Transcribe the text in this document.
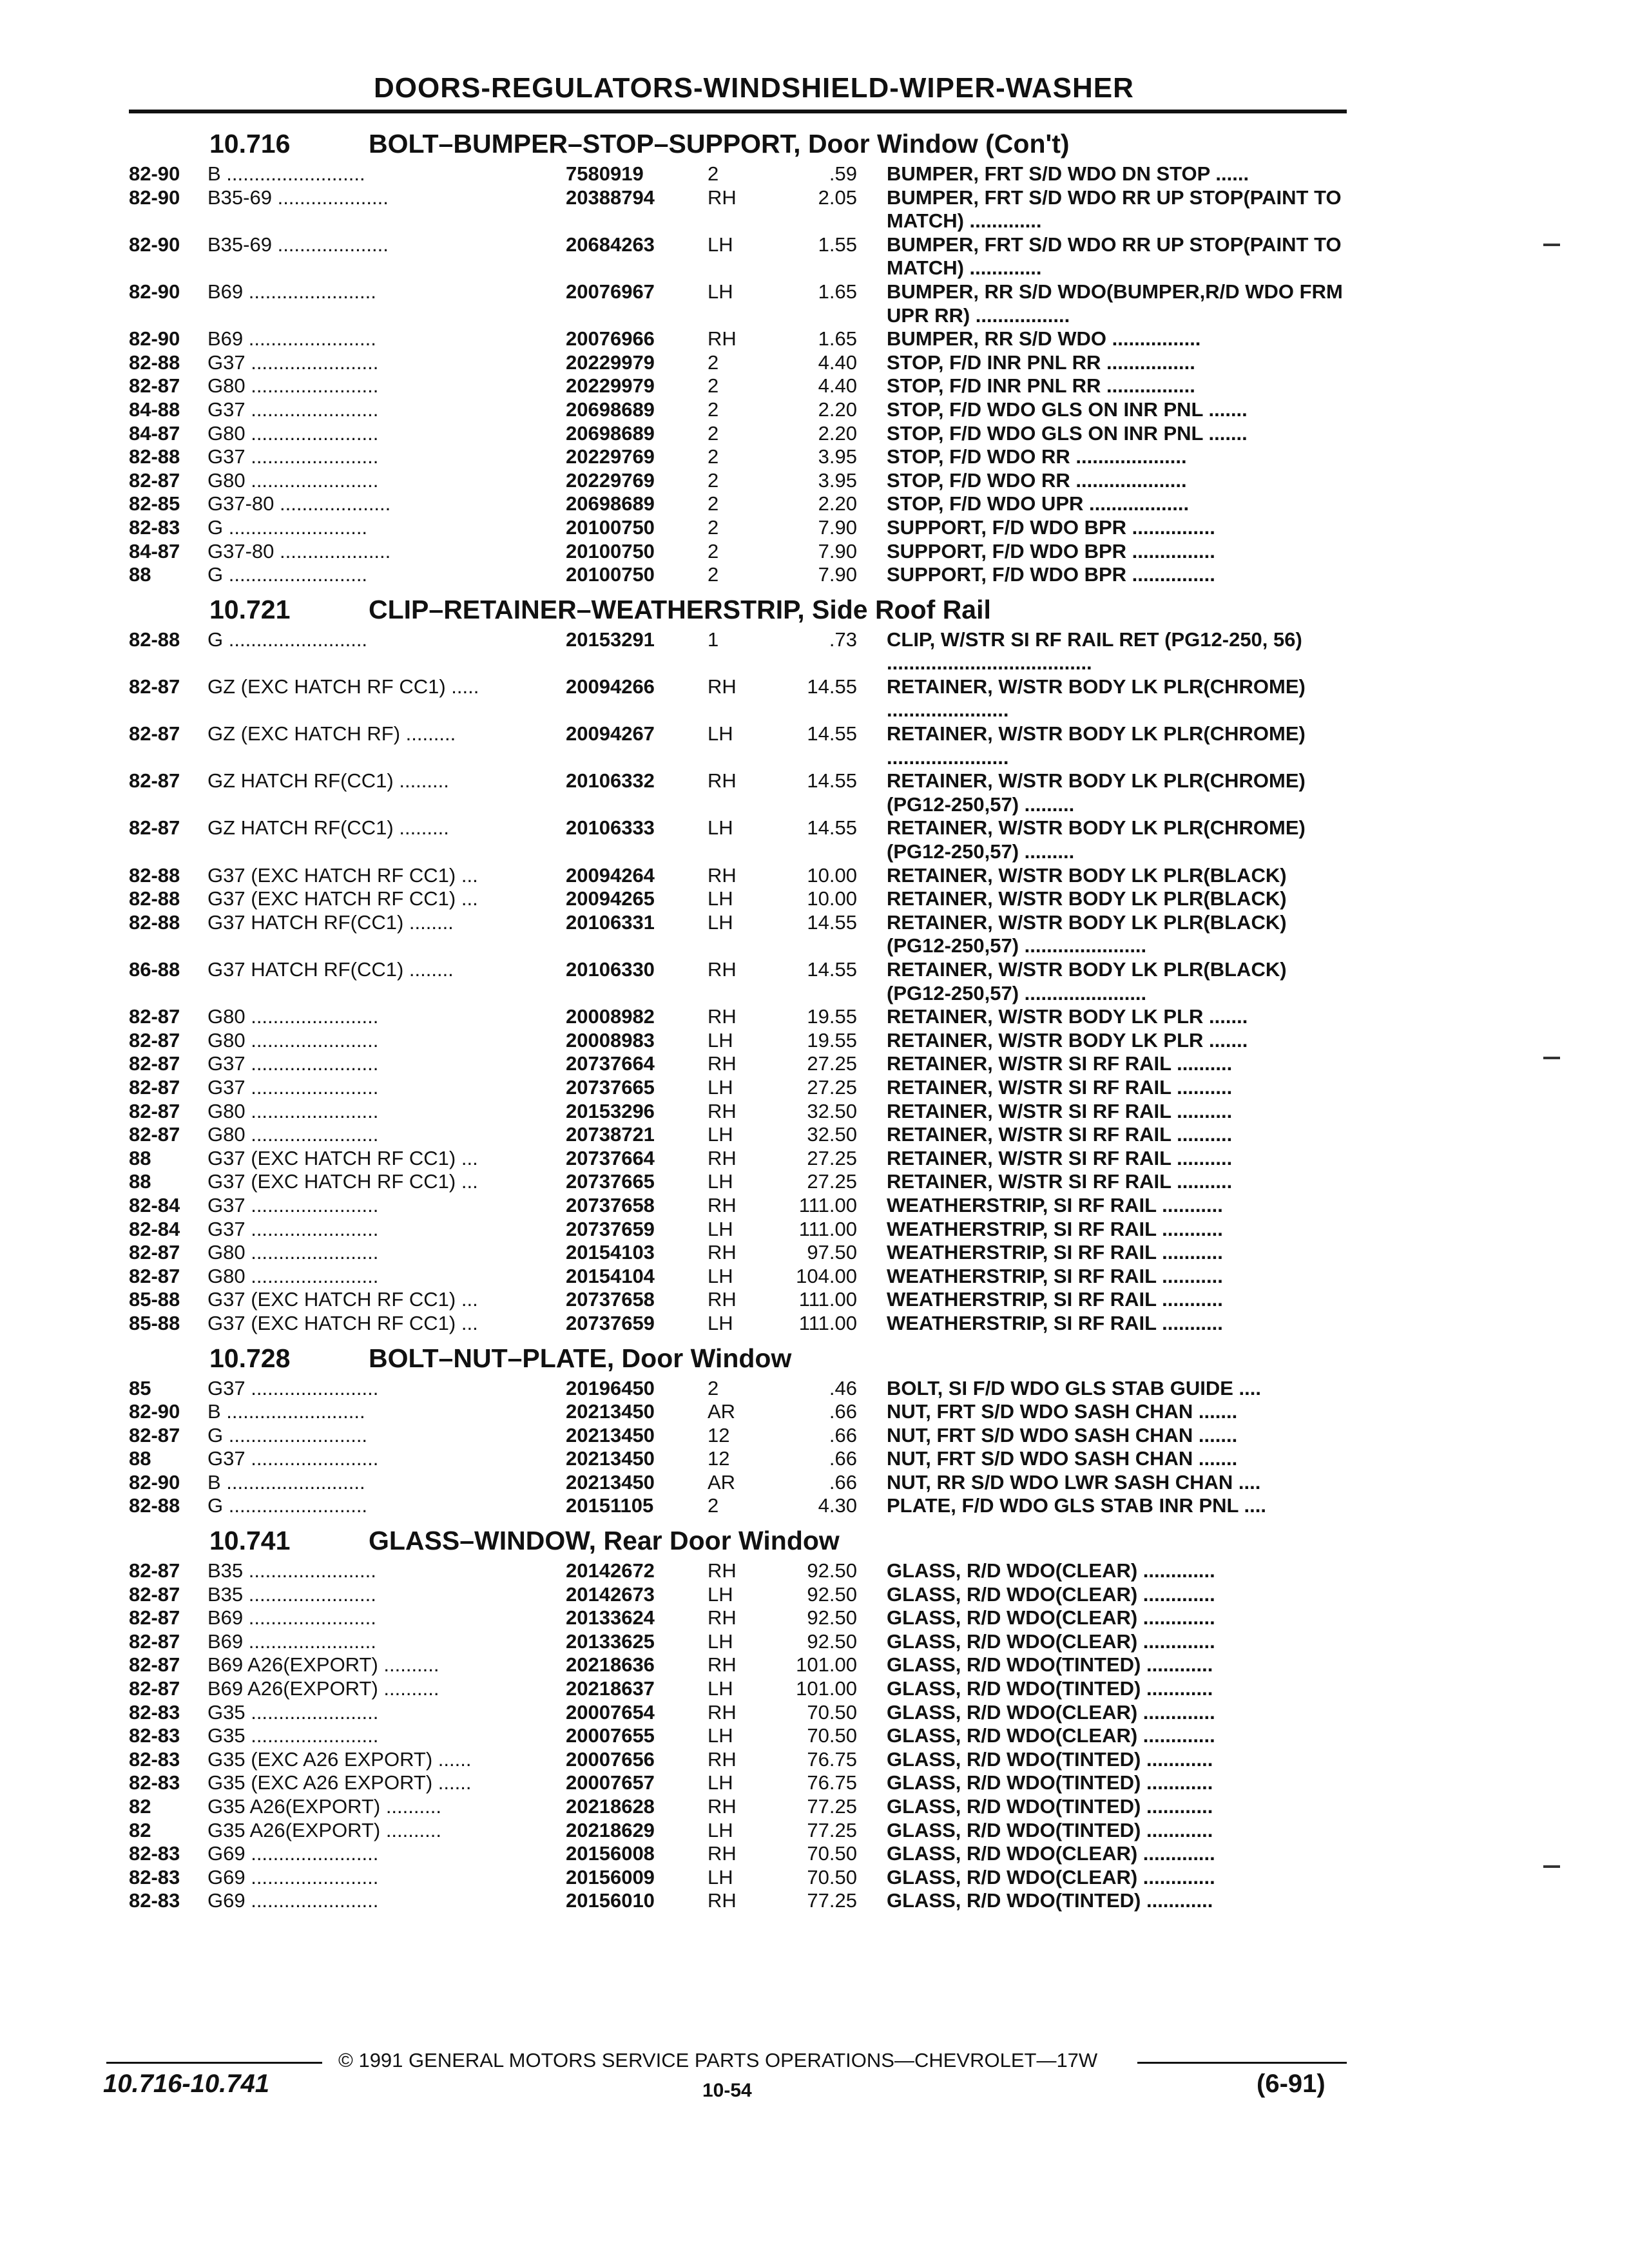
DOORS-REGULATORS-WINDSHIELD-WIPER-WASHER
10.716	BOLT–BUMPER–STOP–SUPPORT, Door Window (Con't)
82-90 B .........................	7580919	2	.59 BUMPER, FRT S/D WDO DN STOP ......
82-90 B35-69 ....................	20388794	RH	2.05 BUMPER, FRT S/D WDO RR UP STOP(PAINT TO MATCH) .............
82-90 B35-69 ....................	20684263	LH	1.55 BUMPER, FRT S/D WDO RR UP STOP(PAINT TO MATCH) .............
82-90 B69 .......................	20076967	LH	1.65 BUMPER, RR S/D WDO(BUMPER,R/D WDO FRM UPR RR) .................
82-90 B69 .......................	20076966	RH	1.65 BUMPER, RR S/D WDO ................
82-88 G37 .......................	20229979	2	4.40 STOP, F/D INR PNL RR ................
82-87 G80 .......................	20229979	2	4.40 STOP, F/D INR PNL RR ................
84-88 G37 .......................	20698689	2	2.20 STOP, F/D WDO GLS ON INR PNL .......
84-87 G80 .......................	20698689	2	2.20 STOP, F/D WDO GLS ON INR PNL .......
82-88 G37 .......................	20229769	2	3.95 STOP, F/D WDO RR ....................
82-87 G80 .......................	20229769	2	3.95 STOP, F/D WDO RR ....................
82-85 G37-80 ....................	20698689	2	2.20 STOP, F/D WDO UPR ..................
82-83 G .........................	20100750	2	7.90 SUPPORT, F/D WDO BPR ...............
84-87 G37-80 ....................	20100750	2	7.90 SUPPORT, F/D WDO BPR ...............
88	G .........................	20100750	2	7.90 SUPPORT, F/D WDO BPR ...............
10.721	CLIP–RETAINER–WEATHERSTRIP, Side Roof Rail
82-88 G .........................	20153291	1	.73 CLIP, W/STR SI RF RAIL RET (PG12-250, 56) .....................................
82-87 GZ (EXC HATCH RF CC1) .....	20094266	RH	14.55 RETAINER, W/STR BODY LK PLR(CHROME) ......................
82-87 GZ (EXC HATCH RF) .........	20094267	LH	14.55 RETAINER, W/STR BODY LK PLR(CHROME) ......................
82-87 GZ HATCH RF(CC1) .........	20106332	RH	14.55 RETAINER, W/STR BODY LK PLR(CHROME) (PG12-250,57) .........
82-87 GZ HATCH RF(CC1) .........	20106333	LH	14.55 RETAINER, W/STR BODY LK PLR(CHROME) (PG12-250,57) .........
82-88 G37 (EXC HATCH RF CC1) ...	20094264	RH	10.00 RETAINER, W/STR BODY LK PLR(BLACK)
82-88 G37 (EXC HATCH RF CC1) ...	20094265	LH	10.00 RETAINER, W/STR BODY LK PLR(BLACK)
82-88 G37 HATCH RF(CC1) ........	20106331	LH	14.55 RETAINER, W/STR BODY LK PLR(BLACK) (PG12-250,57) ......................
86-88 G37 HATCH RF(CC1) ........	20106330	RH	14.55 RETAINER, W/STR BODY LK PLR(BLACK) (PG12-250,57) ......................
82-87 G80 .......................	20008982	RH	19.55 RETAINER, W/STR BODY LK PLR .......
82-87 G80 .......................	20008983	LH	19.55 RETAINER, W/STR BODY LK PLR .......
82-87 G37 .......................	20737664	RH	27.25 RETAINER, W/STR SI RF RAIL ..........
82-87 G37 .......................	20737665	LH	27.25 RETAINER, W/STR SI RF RAIL ..........
82-87 G80 .......................	20153296	RH	32.50 RETAINER, W/STR SI RF RAIL ..........
82-87 G80 .......................	20738721	LH	32.50 RETAINER, W/STR SI RF RAIL ..........
88	G37 (EXC HATCH RF CC1) ...	20737664	RH	27.25 RETAINER, W/STR SI RF RAIL ..........
88	G37 (EXC HATCH RF CC1) ...	20737665	LH	27.25 RETAINER, W/STR SI RF RAIL ..........
82-84 G37 .......................	20737658	RH	111.00 WEATHERSTRIP, SI RF RAIL ...........
82-84 G37 .......................	20737659	LH	111.00 WEATHERSTRIP, SI RF RAIL ...........
82-87 G80 .......................	20154103	RH	97.50 WEATHERSTRIP, SI RF RAIL ...........
82-87 G80 .......................	20154104	LH	104.00 WEATHERSTRIP, SI RF RAIL ...........
85-88 G37 (EXC HATCH RF CC1) ...	20737658	RH	111.00 WEATHERSTRIP, SI RF RAIL ...........
85-88 G37 (EXC HATCH RF CC1) ...	20737659	LH	111.00 WEATHERSTRIP, SI RF RAIL ...........
10.728	BOLT–NUT–PLATE, Door Window
85	G37 .......................	20196450	2	.46 BOLT, SI F/D WDO GLS STAB GUIDE ....
82-90 B .........................	20213450	AR	.66 NUT, FRT S/D WDO SASH CHAN .......
82-87 G .........................	20213450	12	.66 NUT, FRT S/D WDO SASH CHAN .......
88	G37 .......................	20213450	12	.66 NUT, FRT S/D WDO SASH CHAN .......
82-90 B .........................	20213450	AR	.66 NUT, RR S/D WDO LWR SASH CHAN ....
82-88 G .........................	20151105	2	4.30 PLATE, F/D WDO GLS STAB INR PNL ....
10.741	GLASS–WINDOW, Rear Door Window
82-87 B35 .......................	20142672	RH	92.50 GLASS, R/D WDO(CLEAR) .............
82-87 B35 .......................	20142673	LH	92.50 GLASS, R/D WDO(CLEAR) .............
82-87 B69 .......................	20133624	RH	92.50 GLASS, R/D WDO(CLEAR) .............
82-87 B69 .......................	20133625	LH	92.50 GLASS, R/D WDO(CLEAR) .............
82-87 B69 A26(EXPORT) ..........	20218636	RH	101.00 GLASS, R/D WDO(TINTED) ............
82-87 B69 A26(EXPORT) ..........	20218637	LH	101.00 GLASS, R/D WDO(TINTED) ............
82-83 G35 .......................	20007654	RH	70.50 GLASS, R/D WDO(CLEAR) .............
82-83 G35 .......................	20007655	LH	70.50 GLASS, R/D WDO(CLEAR) .............
82-83 G35 (EXC A26 EXPORT) ......	20007656	RH	76.75 GLASS, R/D WDO(TINTED) ............
82-83 G35 (EXC A26 EXPORT) ......	20007657	LH	76.75 GLASS, R/D WDO(TINTED) ............
82	G35 A26(EXPORT) ..........	20218628	RH	77.25 GLASS, R/D WDO(TINTED) ............
82	G35 A26(EXPORT) ..........	20218629	LH	77.25 GLASS, R/D WDO(TINTED) ............
82-83 G69 .......................	20156008	RH	70.50 GLASS, R/D WDO(CLEAR) .............
82-83 G69 .......................	20156009	LH	70.50 GLASS, R/D WDO(CLEAR) .............
82-83 G69 .......................	20156010	RH	77.25 GLASS, R/D WDO(TINTED) ............
© 1991 GENERAL MOTORS SERVICE PARTS OPERATIONS—CHEVROLET—17W
10.716-10.741	10-54	(6-91)
